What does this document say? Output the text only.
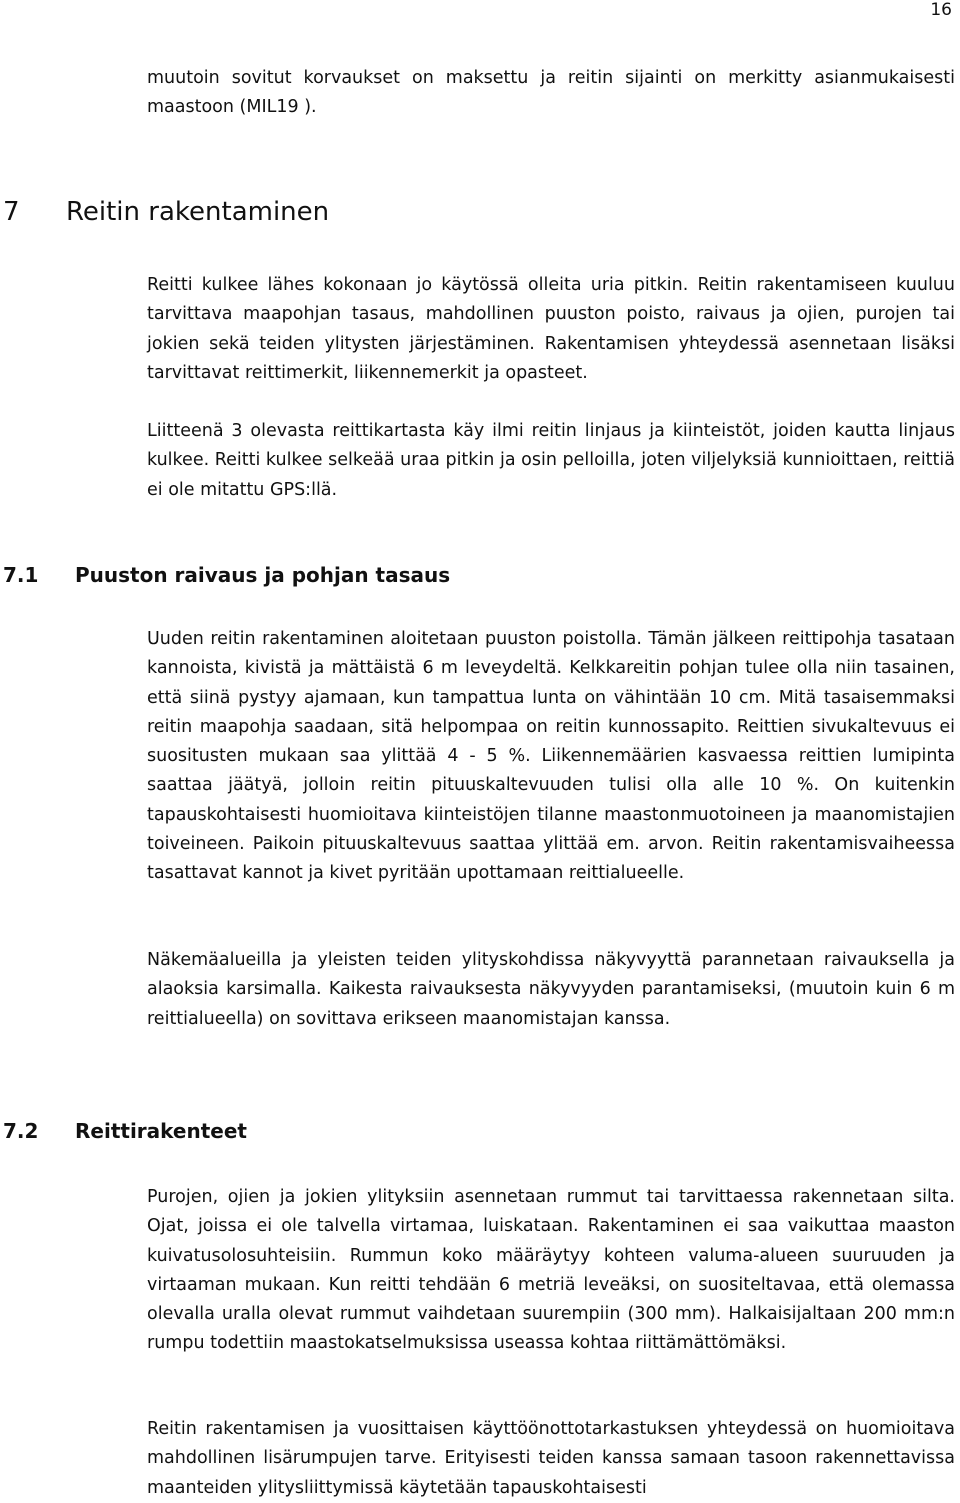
16

muutoin sovitut korvaukset on maksettu ja reitin sijainti on merkitty asianmukaisesti maastoon (MIL19 ).

7 Reitin rakentaminen

Reitti kulkee lähes kokonaan jo käytössä olleita uria pitkin. Reitin rakentamiseen kuuluu tarvittava maapohjan tasaus, mahdollinen puuston poisto, raivaus ja ojien, purojen tai jokien sekä teiden ylitysten järjestäminen. Rakentamisen yhteydessä asennetaan lisäksi tarvittavat reittimerkit, liikennemerkit ja opasteet.

Liitteenä 3 olevasta reittikartasta käy ilmi reitin linjaus ja kiinteistöt, joiden kautta linjaus kulkee. Reitti kulkee selkeää uraa pitkin ja osin pelloilla, joten viljelyksiä kunnioittaen, reittiä ei ole mitattu GPS:llä.

7.1 Puuston raivaus ja pohjan tasaus

Uuden reitin rakentaminen aloitetaan puuston poistolla. Tämän jälkeen reittipohja tasataan kannoista, kivistä ja mättäistä 6 m leveydeltä. Kelkkareitin pohjan tulee olla niin tasainen, että siinä pystyy ajamaan, kun tampattua lunta on vähintään 10 cm. Mitä tasaisemmaksi reitin maapohja saadaan, sitä helpompaa on reitin kunnossapito. Reittien sivukaltevuus ei suositusten mukaan saa ylittää 4 - 5 %. Liikennemäärien kasvaessa reittien lumipinta saattaa jäätyä, jolloin reitin pituuskaltevuuden tulisi olla alle 10 %. On kuitenkin tapauskohtaisesti huomioitava kiinteistöjen tilanne maastonmuotoineen ja maanomistajien toiveineen. Paikoin pituuskaltevuus saattaa ylittää em. arvon. Reitin rakentamisvaiheessa tasattavat kannot ja kivet pyritään upottamaan reittialueelle.

Näkemäalueilla ja yleisten teiden ylityskohdissa näkyvyyttä parannetaan raivauksella ja alaoksia karsimalla. Kaikesta raivauksesta näkyvyyden parantamiseksi, (muutoin kuin 6 m reittialueella) on sovittava erikseen maanomistajan kanssa.

7.2 Reittirakenteet

Purojen, ojien ja jokien ylityksiin asennetaan rummut tai tarvittaessa rakennetaan silta. Ojat, joissa ei ole talvella virtamaa, luiskataan. Rakentaminen ei saa vaikuttaa maaston kuivatusolosuhteisiin. Rummun koko määräytyy kohteen valuma-alueen suuruuden ja virtaaman mukaan. Kun reitti tehdään 6 metriä leveäksi, on suositeltavaa, että olemassa olevalla uralla olevat rummut vaihdetaan suurempiin (300 mm). Halkaisijaltaan 200 mm:n rumpu todettiin maastokatselmuksissa useassa kohtaa riittämättömäksi.

Reitin rakentamisen ja vuosittaisen käyttöönottotarkastuksen yhteydessä on huomioitava mahdollinen lisärumpujen tarve. Erityisesti teiden kanssa samaan tasoon rakennettavissa maanteiden ylitysliittymissä käytetään tapauskohtaisesti
